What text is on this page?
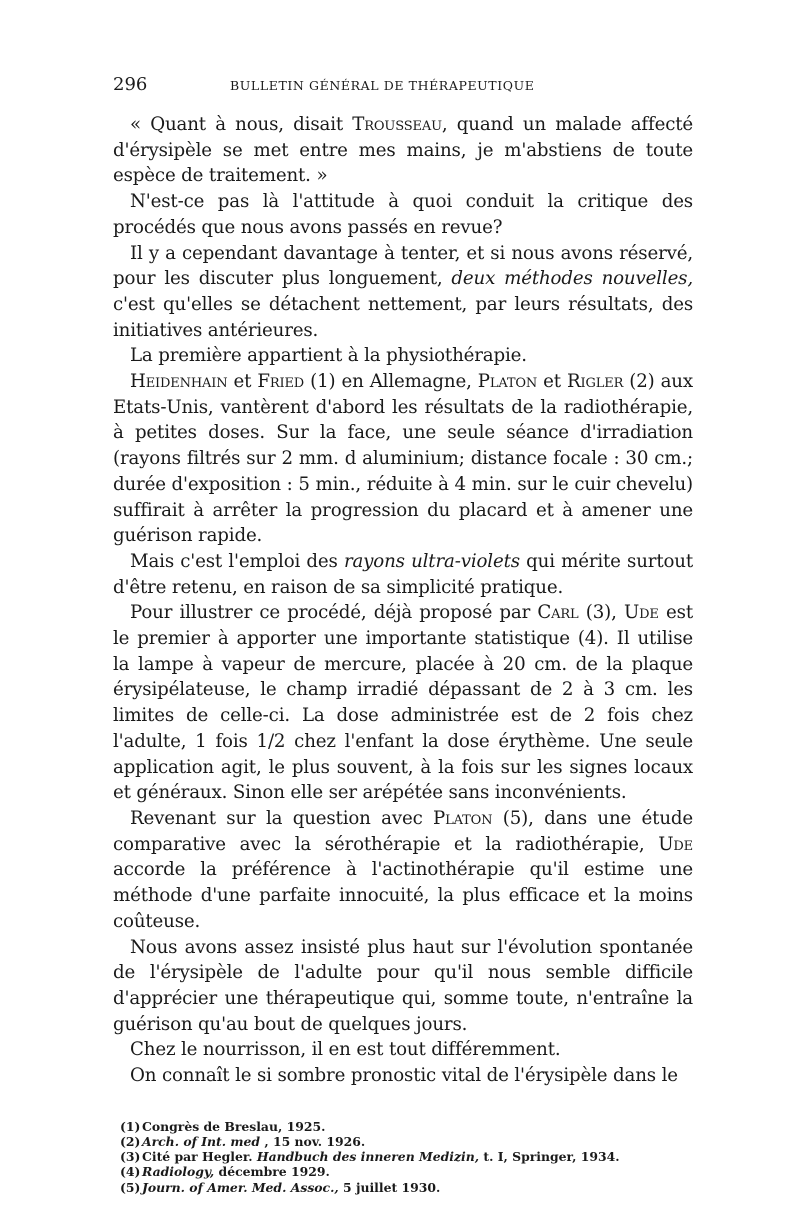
296	BULLETIN GÉNÉRAL DE THÉRAPEUTIQUE

« Quant à nous, disait Trousseau, quand un malade affecté d'érysipèle se met entre mes mains, je m'abstiens de toute espèce de traitement. »

N'est-ce pas là l'attitude à quoi conduit la critique des procédés que nous avons passés en revue?

Il y a cependant davantage à tenter, et si nous avons réservé, pour les discuter plus longuement, deux méthodes nouvelles, c'est qu'elles se détachent nettement, par leurs résultats, des initiatives antérieures.

La première appartient à la physiothérapie.

Heidenhain et Fried (1) en Allemagne, Platon et Rigler (2) aux Etats-Unis, vantèrent d'abord les résultats de la radiothérapie, à petites doses. Sur la face, une seule séance d'irradiation (rayons filtrés sur 2 mm. d aluminium; distance focale : 30 cm.; durée d'exposition : 5 min., réduite à 4 min. sur le cuir chevelu) suffirait à arrêter la progression du placard et à amener une guérison rapide.

Mais c'est l'emploi des rayons ultra-violets qui mérite surtout d'être retenu, en raison de sa simplicité pratique.

Pour illustrer ce procédé, déjà proposé par Carl (3), Ude est le premier à apporter une importante statistique (4). Il utilise la lampe à vapeur de mercure, placée à 20 cm. de la plaque érysipélateuse, le champ irradié dépassant de 2 à 3 cm. les limites de celle-ci. La dose administrée est de 2 fois chez l'adulte, 1 fois 1/2 chez l'enfant la dose érythème. Une seule application agit, le plus souvent, à la fois sur les signes locaux et généraux. Sinon elle ser arépétée sans inconvénients.

Revenant sur la question avec Platon (5), dans une étude comparative avec la sérothérapie et la radiothérapie, Ude accorde la préférence à l'actinothérapie qu'il estime une méthode d'une parfaite innocuité, la plus efficace et la moins coûteuse.

Nous avons assez insisté plus haut sur l'évolution spontanée de l'érysipèle de l'adulte pour qu'il nous semble difficile d'apprécier une thérapeutique qui, somme toute, n'entraîne la guérison qu'au bout de quelques jours.

Chez le nourrisson, il en est tout différemment.

On connaît le si sombre pronostic vital de l'érysipèle dans le

(1) Congrès de Breslau, 1925.
(2) Arch. of Int. med , 15 nov. 1926.
(3) Cité par Hegler. Handbuch des inneren Medizin, t. I, Springer, 1934.
(4) Radiology, décembre 1929.
(5) Journ. of Amer. Med. Assoc., 5 juillet 1930.
